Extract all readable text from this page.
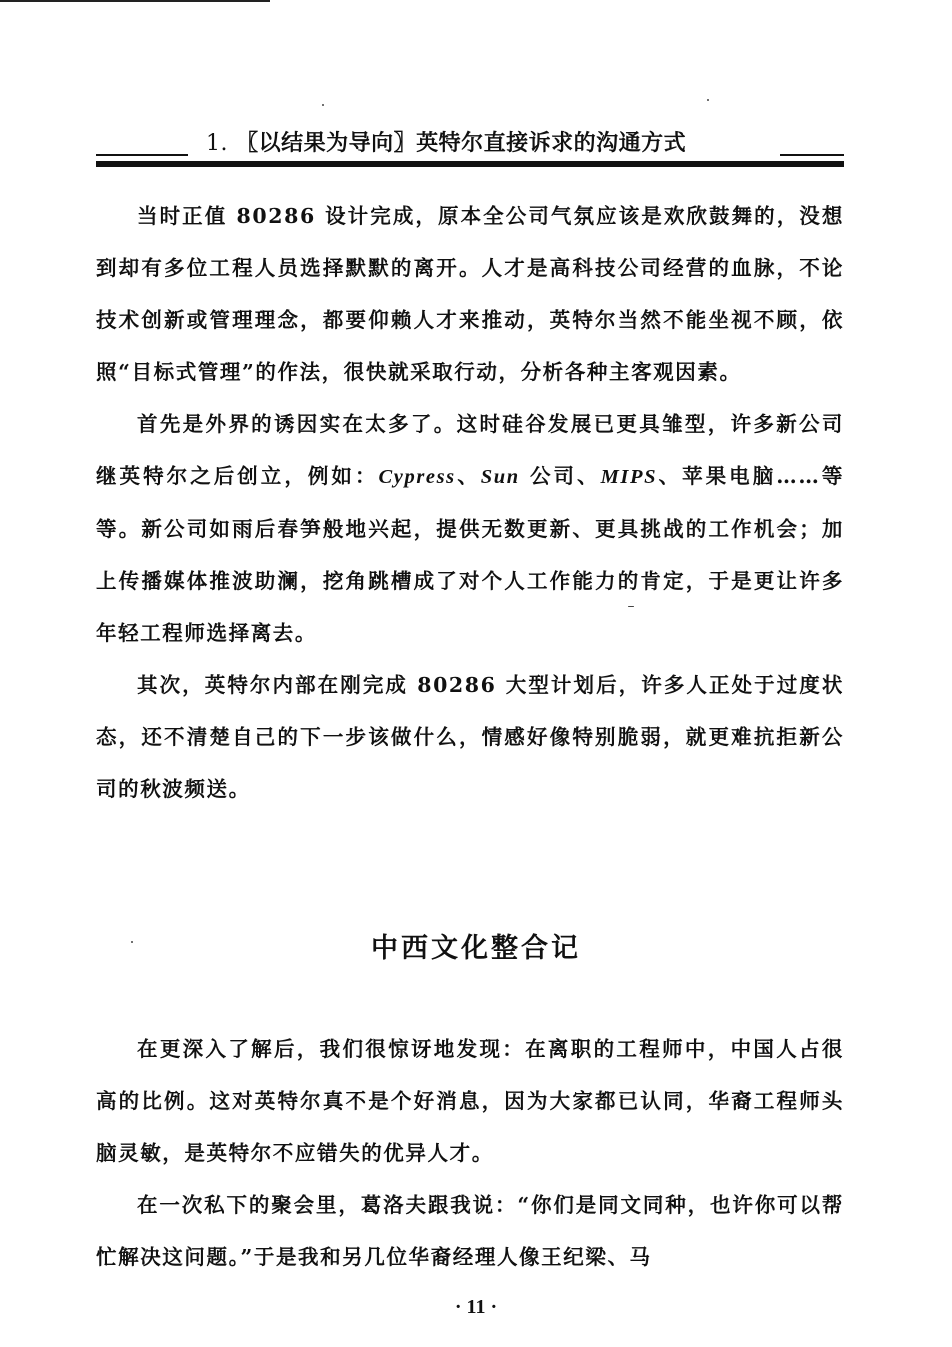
1. 〖以结果为导向〗英特尔直接诉求的沟通方式

当时正值 80286 设计完成，原本全公司气氛应该是欢欣鼓舞的，没想到却有多位工程人员选择默默的离开。人才是高科技公司经营的血脉，不论技术创新或管理理念，都要仰赖人才来推动，英特尔当然不能坐视不顾，依照“目标式管理”的作法，很快就采取行动，分析各种主客观因素。

首先是外界的诱因实在太多了。这时硅谷发展已更具雏型，许多新公司继英特尔之后创立，例如：Cypress、Sun 公司、MIPS、苹果电脑……等等。新公司如雨后春笋般地兴起，提供无数更新、更具挑战的工作机会；加上传播媒体推波助澜，挖角跳槽成了对个人工作能力的肯定，于是更让许多年轻工程师选择离去。

其次，英特尔内部在刚完成 80286 大型计划后，许多人正处于过度状态，还不清楚自己的下一步该做什么，情感好像特别脆弱，就更难抗拒新公司的秋波频送。

中西文化整合记

在更深入了解后，我们很惊讶地发现：在离职的工程师中，中国人占很高的比例。这对英特尔真不是个好消息，因为大家都已认同，华裔工程师头脑灵敏，是英特尔不应错失的优异人才。

在一次私下的聚会里，葛洛夫跟我说：“你们是同文同种，也许你可以帮忙解决这问题。”于是我和另几位华裔经理人像王纪梁、马

· 11 ·
